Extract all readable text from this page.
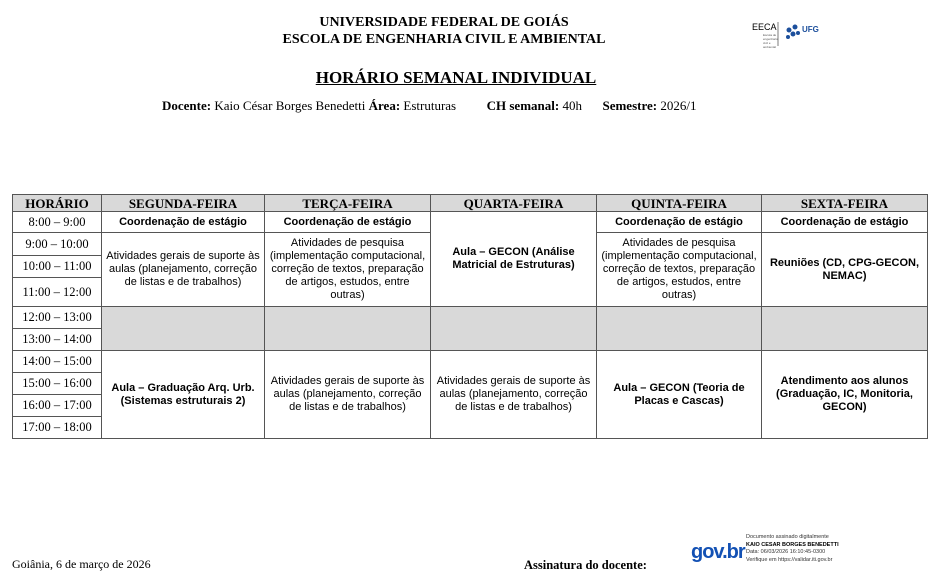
UNIVERSIDADE FEDERAL DE GOIÁS
ESCOLA DE ENGENHARIA CIVIL E AMBIENTAL
EECA	UFG
Escola de engenharia civil e ambiental
HORÁRIO SEMANAL INDIVIDUAL
Docente: Kaio César Borges Benedetti Área: Estruturas CH semanal: 40h Semestre: 2026/1
HORÁRIO	SEGUNDA-FEIRA	TERÇA-FEIRA	QUARTA-FEIRA	QUINTA-FEIRA	SEXTA-FEIRA
8:00 – 9:00	Coordenação de estágio	Coordenação de estágio	Aula – GECON (Análise Matricial de Estruturas)	Coordenação de estágio	Coordenação de estágio
9:00 – 10:00	Atividades gerais de suporte às aulas (planejamento, correção de listas e de trabalhos)	Atividades de pesquisa (implementação computacional, correção de textos, preparação de artigos, estudos, entre outras)		Atividades de pesquisa (implementação computacional, correção de textos, preparação de artigos, estudos, entre outras)	Reuniões (CD, CPG-GECON, NEMAC)
10:00 – 11:00					
11:00 – 12:00					
12:00 – 13:00					
13:00 – 14:00					
14:00 – 15:00	Aula – Graduação Arq. Urb. (Sistemas estruturais 2)	Atividades gerais de suporte às aulas (planejamento, correção de listas e de trabalhos)	Atividades gerais de suporte às aulas (planejamento, correção de listas e de trabalhos)	Aula – GECON (Teoria de Placas e Cascas)	Atendimento aos alunos (Graduação, IC, Monitoria, GECON)
15:00 – 16:00					
16:00 – 17:00					
17:00 – 18:00					
Goiânia, 6 de março de 2026	Assinatura do docente:
gov.br
Documento assinado digitalmente
KAIO CESAR BORGES BENEDETTI
Data: 06/03/2026 16:10:45-0300
Verifique em https://validar.iti.gov.br
